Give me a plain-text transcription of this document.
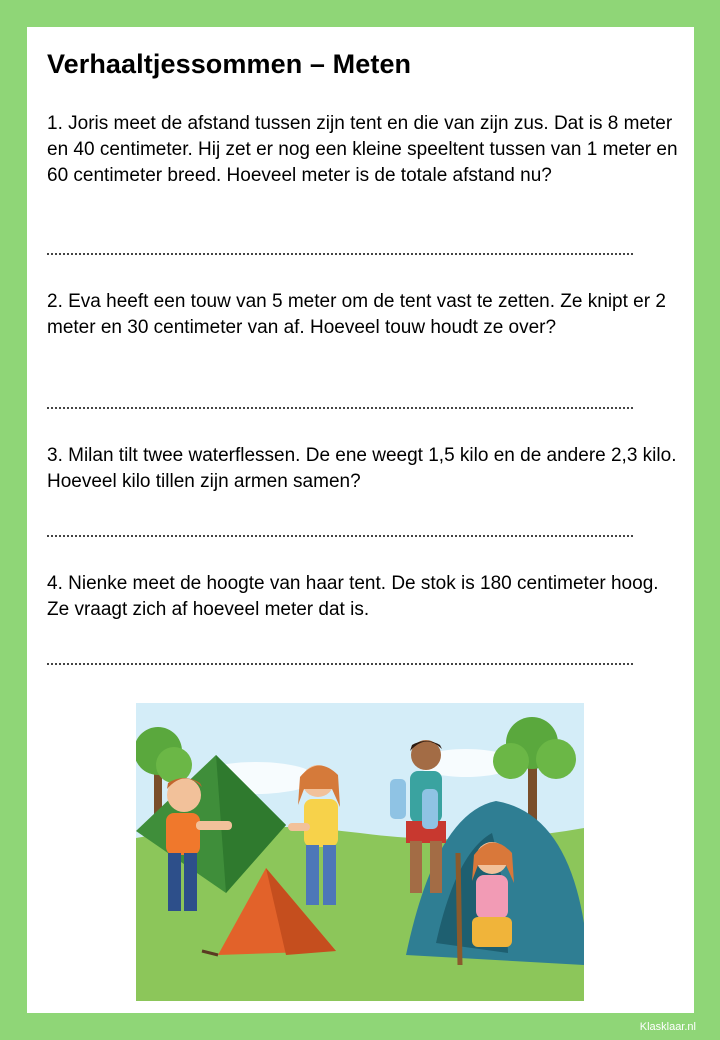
Verhaaltjessommen – Meten

1. Joris meet de afstand tussen zijn tent en die van zijn zus. Dat is 8 meter en 40 centimeter. Hij zet er nog een kleine speeltent tussen van 1 meter en 60 centimeter breed. Hoeveel meter is de totale afstand nu?

2. Eva heeft een touw van 5 meter om de tent vast te zetten. Ze knipt er 2 meter en 30 centimeter van af. Hoeveel touw houdt ze over?

3. Milan tilt twee waterflessen. De ene weegt 1,5 kilo en de andere 2,3 kilo. Hoeveel kilo tillen zijn armen samen?

4. Nienke meet de hoogte van haar tent. De stok is 180 centimeter hoog. Ze vraagt zich af hoeveel meter dat is.

Klasklaar.nl
